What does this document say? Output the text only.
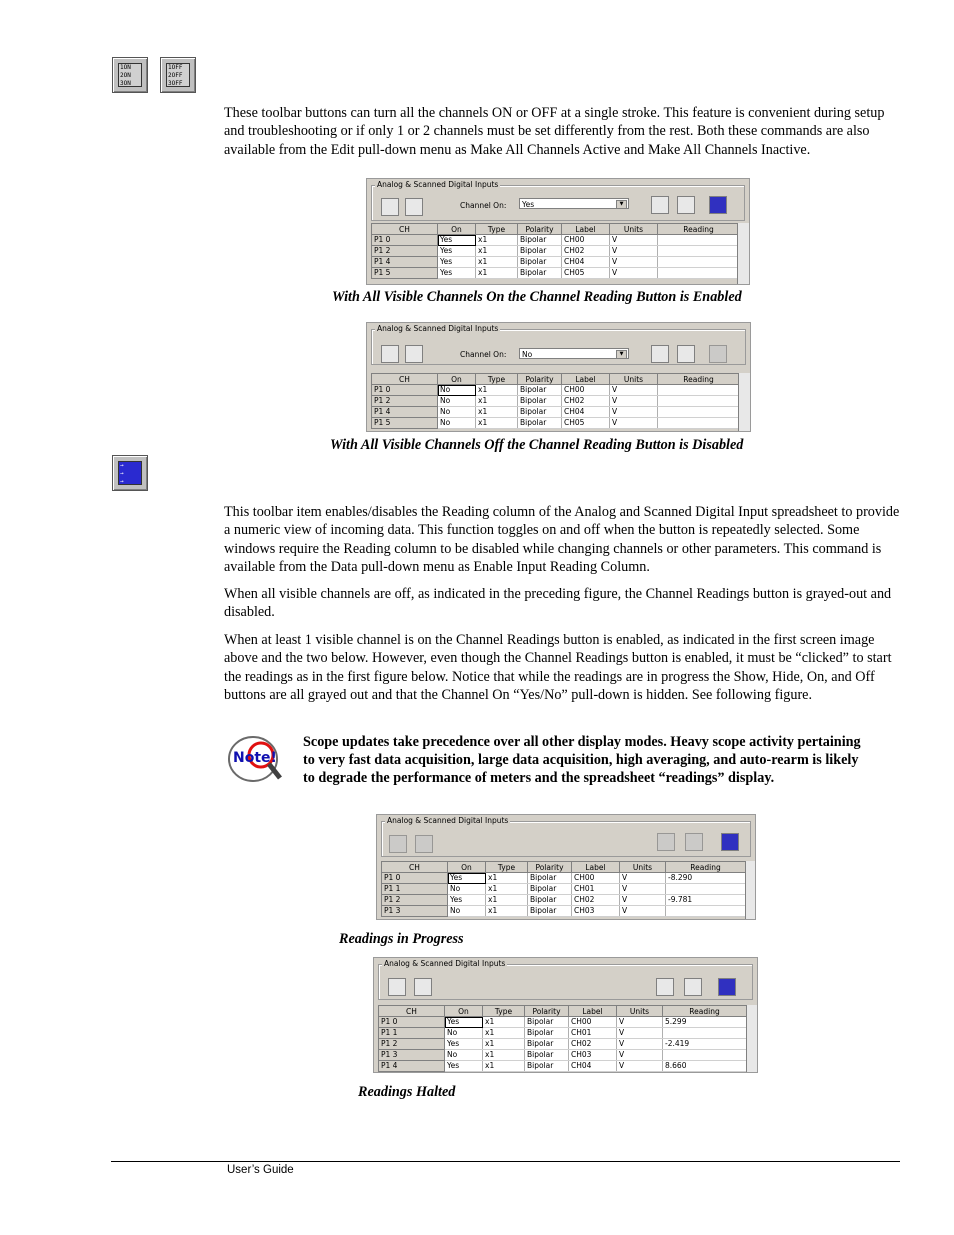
1ON
2ON
3ON
1OFF
2OFF
3OFF
These toolbar buttons can turn all the channels ON or OFF at a single stroke. This feature is convenient during setup and troubleshooting or if only 1 or 2 channels must be set differently from the rest. Both these commands are also available from the Edit pull-down menu as Make All Channels Active and Make All Channels Inactive.
Analog & Scanned Digital Inputs
Channel On:	Yes	▼
CH	On	Type	Polarity	Label	Units	Reading
P1 0	Yes	x1	Bipolar	CH00	V	
P1 2	Yes	x1	Bipolar	CH02	V	
P1 4	Yes	x1	Bipolar	CH04	V	
P1 5	Yes	x1	Bipolar	CH05	V	
With All Visible Channels On the Channel Reading Button is Enabled
Analog & Scanned Digital Inputs
Channel On:	No	▼
CH	On	Type	Polarity	Label	Units	Reading
P1 0	No	x1	Bipolar	CH00	V	
P1 2	No	x1	Bipolar	CH02	V	
P1 4	No	x1	Bipolar	CH04	V	
P1 5	No	x1	Bipolar	CH05	V	
With All Visible Channels Off the Channel Reading Button is Disabled
→
→
→
This toolbar item enables/disables the Reading column of the Analog and Scanned Digital Input spreadsheet to provide a numeric view of incoming data. This function toggles on and off when the button is repeatedly selected. Some windows require the Reading column to be disabled while changing channels or other parameters. This command is available from the Data pull-down menu as Enable Input Reading Column.
When all visible channels are off, as indicated in the preceding figure, the Channel Readings button is grayed-out and disabled.
When at least 1 visible channel is on the Channel Readings button is enabled, as indicated in the first screen image above and the two below. However, even though the Channel Readings button is enabled, it must be “clicked” to start the readings as in the first figure below. Notice that while the readings are in progress the Show, Hide, On, and Off buttons are all grayed out and that the Channel On “Yes/No” pull-down is hidden. See following figure.
Note!
Scope updates take precedence over all other display modes. Heavy scope activity pertaining to very fast data acquisition, large data acquisition, high averaging, and auto-rearm is likely to degrade the performance of meters and the spreadsheet “readings” display.
Analog & Scanned Digital Inputs
CH	On	Type	Polarity	Label	Units	Reading
P1 0	Yes	x1	Bipolar	CH00	V	-8.290
P1 1	No	x1	Bipolar	CH01	V	
P1 2	Yes	x1	Bipolar	CH02	V	-9.781
P1 3	No	x1	Bipolar	CH03	V	
Readings in Progress
Analog & Scanned Digital Inputs
CH	On	Type	Polarity	Label	Units	Reading
P1 0	Yes	x1	Bipolar	CH00	V	5.299
P1 1	No	x1	Bipolar	CH01	V	
P1 2	Yes	x1	Bipolar	CH02	V	-2.419
P1 3	No	x1	Bipolar	CH03	V	
P1 4	Yes	x1	Bipolar	CH04	V	8.660
Readings Halted
User’s Guide
